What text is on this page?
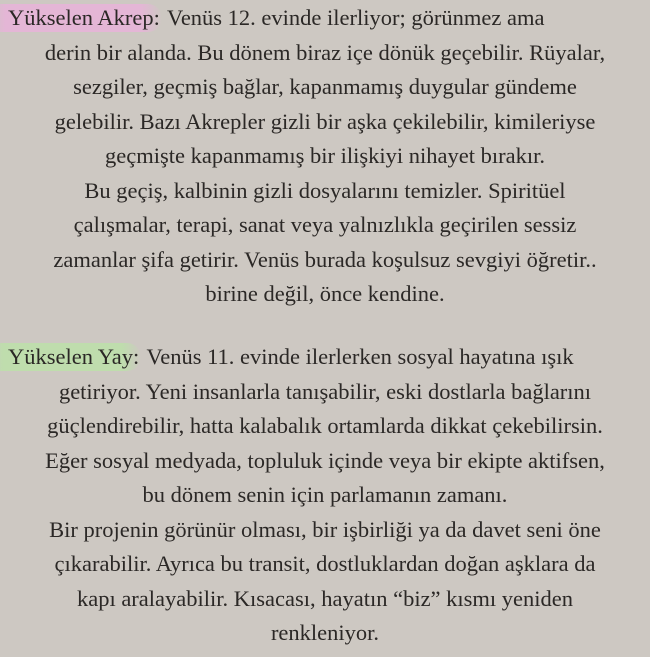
Yükselen Akrep: Venüs 12. evinde ilerliyor; görünmez ama
derin bir alanda. Bu dönem biraz içe dönük geçebilir. Rüyalar,
sezgiler, geçmiş bağlar, kapanmamış duygular gündeme
gelebilir. Bazı Akrepler gizli bir aşka çekilebilir, kimileriyse
geçmişte kapanmamış bir ilişkiyi nihayet bırakır.
Bu geçiş, kalbinin gizli dosyalarını temizler. Spiritüel
çalışmalar, terapi, sanat veya yalnızlıkla geçirilen sessiz
zamanlar şifa getirir. Venüs burada koşulsuz sevgiyi öğretir..
birine değil, önce kendine.
Yükselen Yay: Venüs 11. evinde ilerlerken sosyal hayatına ışık
getiriyor. Yeni insanlarla tanışabilir, eski dostlarla bağlarını
güçlendirebilir, hatta kalabalık ortamlarda dikkat çekebilirsin.
Eğer sosyal medyada, topluluk içinde veya bir ekipte aktifsen,
bu dönem senin için parlamanın zamanı.
Bir projenin görünür olması, bir işbirliği ya da davet seni öne
çıkarabilir. Ayrıca bu transit, dostluklardan doğan aşklara da
kapı aralayabilir. Kısacası, hayatın “biz” kısmı yeniden
renkleniyor.
